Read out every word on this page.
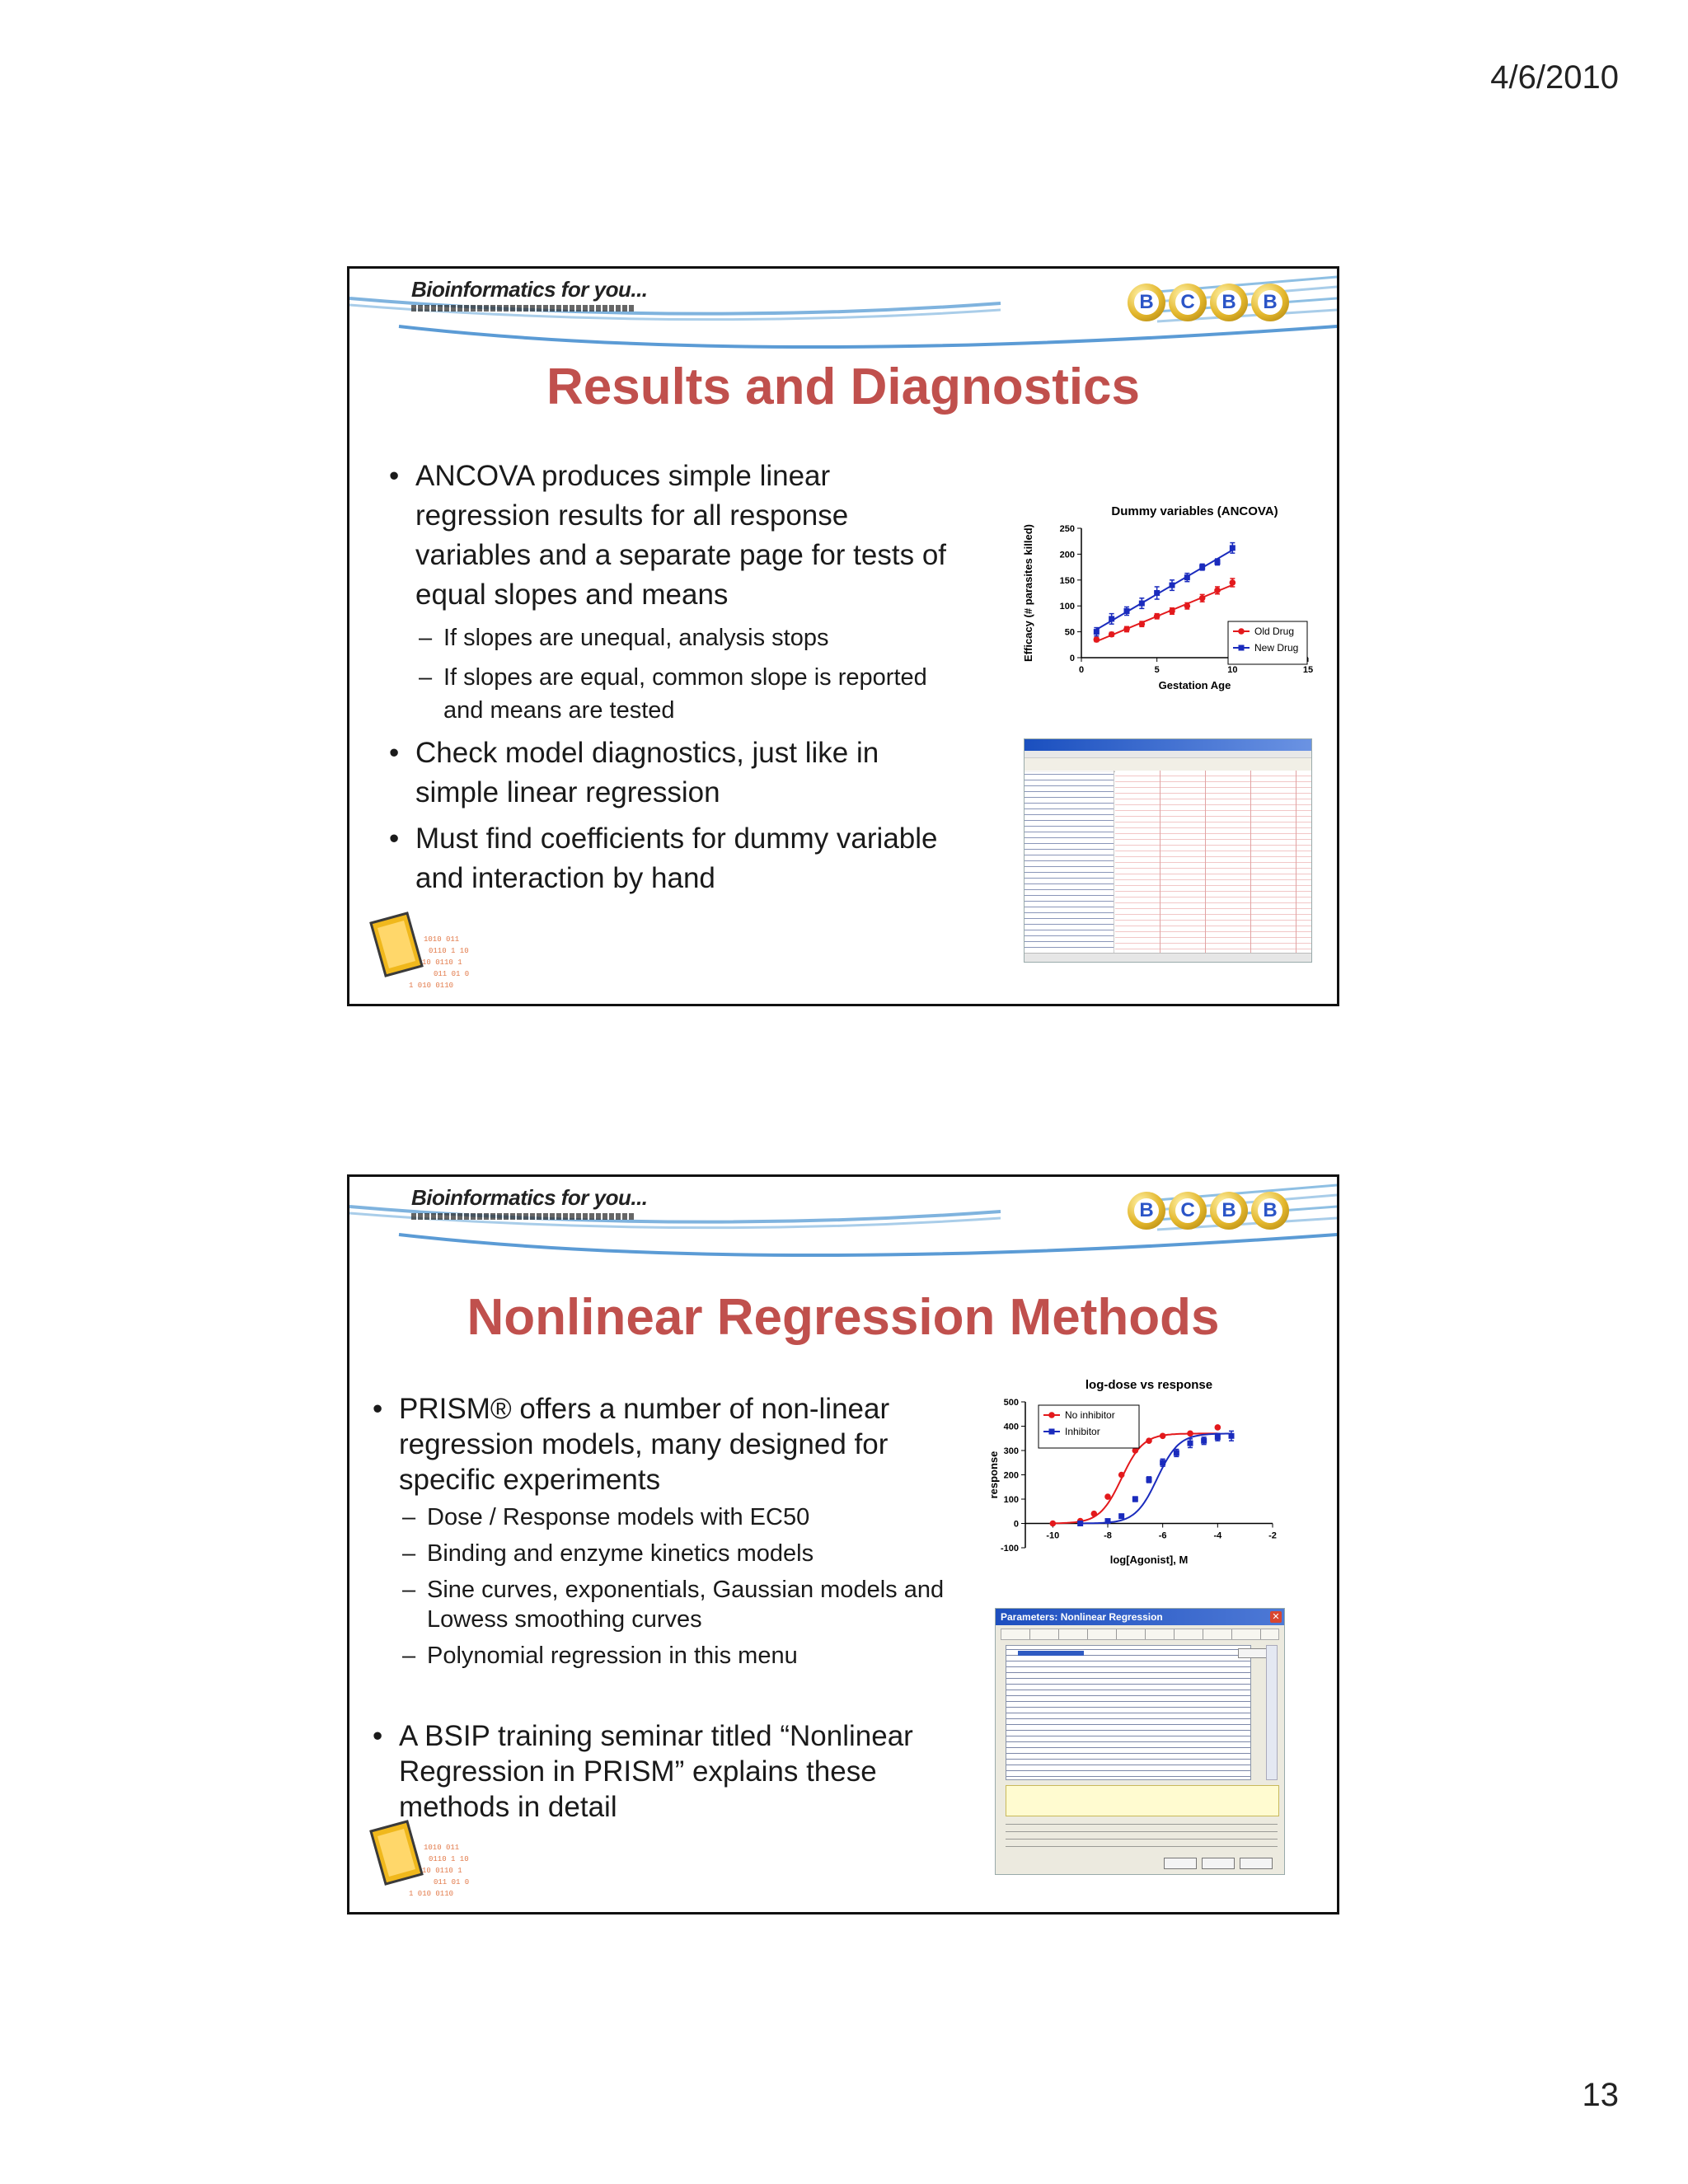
4/6/2010
Bioinformatics for you...
B C B B
Results and Diagnostics
• ANCOVA produces simple linear regression results for all response variables and a separate page for tests of equal slopes and means
– If slopes are unequal, analysis stops
– If slopes are equal, common slope is reported and means are tested
• Check model diagnostics, just like in simple linear regression
• Must find coefficients for dummy variable and interaction by hand
Dummy variables (ANCOVA)
0
50
100
150
200
250
0	5	10	15
Gestation Age
Efficacy (# parasites killed)	Old Drug
New Drug
1010 011
0110 1 10
10 0110 1
011 01 0
1 010 0110
Bioinformatics for you...
B C B B
Nonlinear Regression Methods
• PRISM® offers a number of non-linear regression models, many designed for specific experiments
– Dose / Response models with EC50
– Binding and enzyme kinetics models
– Sine curves, exponentials, Gaussian models and Lowess smoothing curves
– Polynomial regression in this menu
• A BSIP training seminar titled “Nonlinear Regression in PRISM” explains these methods in detail
log-dose vs response
-100
0
100
200
300
400
500
-10	-8	-6	-4	-2
log[Agonist], M
response
No inhibitor
Inhibitor
Parameters: Nonlinear Regression	✕
1010 011
0110 1 10
10 0110 1
011 01 0
1 010 0110
13
